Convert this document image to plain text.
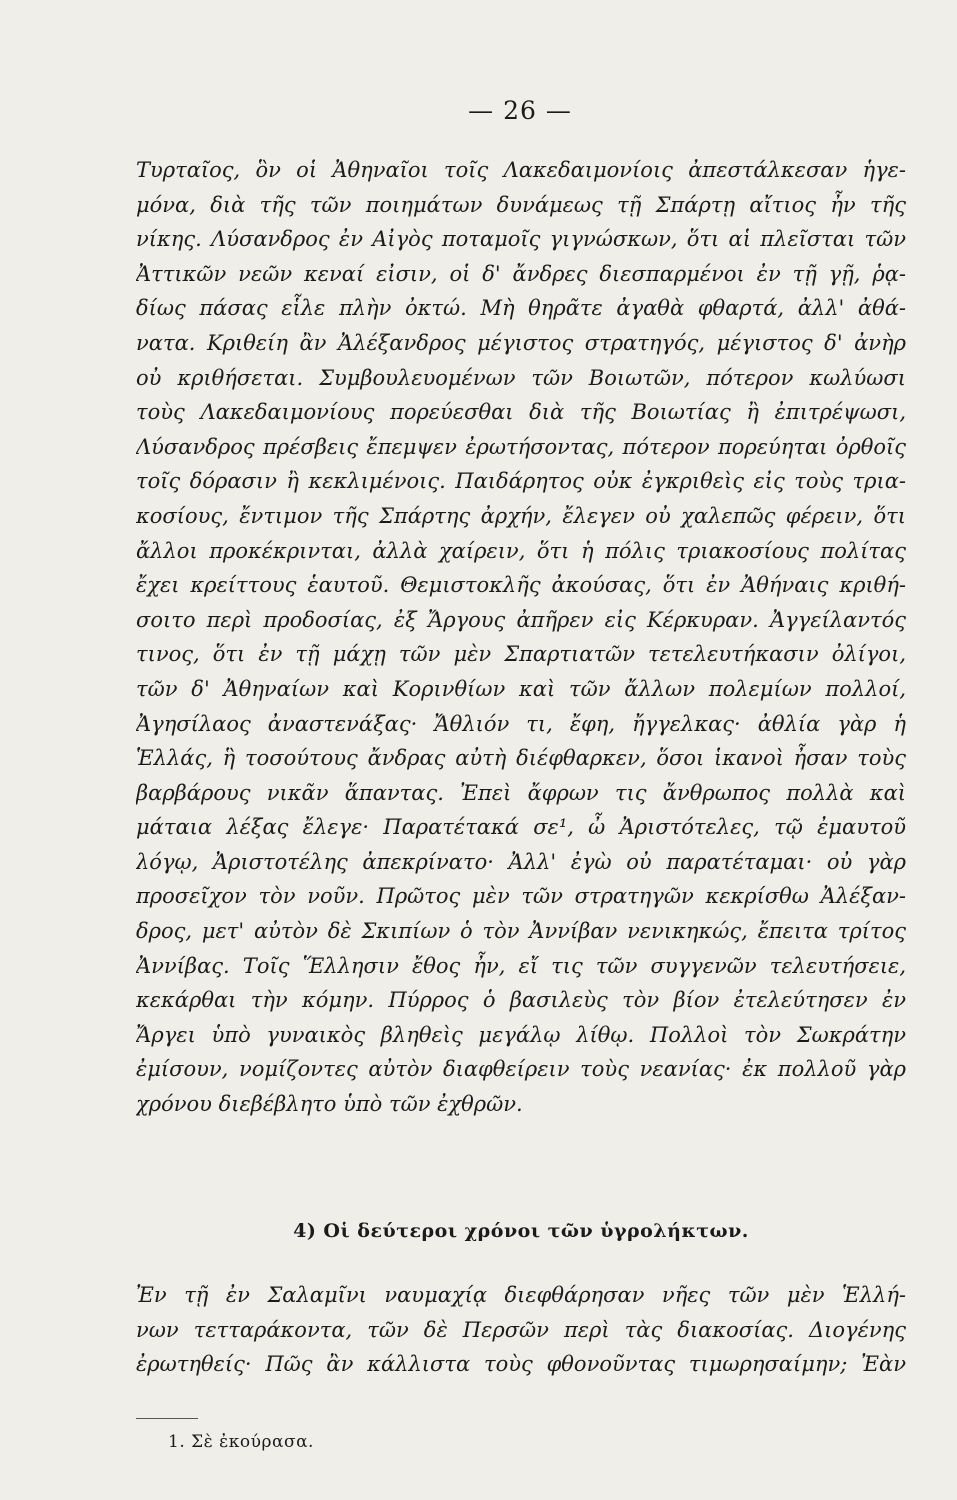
— 26 —
Τυρταῖος, ὃν οἱ Ἀθηναῖοι τοῖς Λακεδαιμονίοις ἀπεστάλκεσαν ἡγε-
μόνα, διὰ τῆς τῶν ποιημάτων δυνάμεως τῇ Σπάρτῃ αἴτιος ἦν τῆς
νίκης. Λύσανδρος ἐν Αἰγὸς ποταμοῖς γιγνώσκων, ὅτι αἱ πλεῖσται τῶν
Ἀττικῶν νεῶν κεναί εἰσιν, οἱ δ' ἄνδρες διεσπαρμένοι ἐν τῇ γῇ, ῥᾳ-
δίως πάσας εἷλε πλὴν ὀκτώ. Μὴ θηρᾶτε ἀγαθὰ φθαρτά, ἀλλ' ἀθά-
νατα. Κριθείη ἂν Ἀλέξανδρος μέγιστος στρατηγός, μέγιστος δ' ἀνὴρ
οὐ κριθήσεται. Συμβουλευομένων τῶν Βοιωτῶν, πότερον κωλύωσι
τοὺς Λακεδαιμονίους πορεύεσθαι διὰ τῆς Βοιωτίας ἢ ἐπιτρέψωσι,
Λύσανδρος πρέσβεις ἔπεμψεν ἐρωτήσοντας, πότερον πορεύηται ὀρθοῖς
τοῖς δόρασιν ἢ κεκλιμένοις. Παιδάρητος οὐκ ἐγκριθεὶς εἰς τοὺς τρια-
κοσίους, ἔντιμον τῆς Σπάρτης ἀρχήν, ἔλεγεν οὐ χαλεπῶς φέρειν, ὅτι
ἄλλοι προκέκρινται, ἀλλὰ χαίρειν, ὅτι ἡ πόλις τριακοσίους πολίτας
ἔχει κρείττους ἑαυτοῦ. Θεμιστοκλῆς ἀκούσας, ὅτι ἐν Ἀθήναις κριθή-
σοιτο περὶ προδοσίας, ἐξ Ἄργους ἀπῆρεν εἰς Κέρκυραν. Ἀγγείλαντός
τινος, ὅτι ἐν τῇ μάχῃ τῶν μὲν Σπαρτιατῶν τετελευτήκασιν ὀλίγοι,
τῶν δ' Ἀθηναίων καὶ Κορινθίων καὶ τῶν ἄλλων πολεμίων πολλοί,
Ἀγησίλαος ἀναστενάξας· Ἄθλιόν τι, ἔφη, ἤγγελκας· ἀθλία γὰρ ἡ
Ἑλλάς, ἣ τοσούτους ἄνδρας αὐτὴ διέφθαρκεν, ὅσοι ἱκανοὶ ἦσαν τοὺς
βαρβάρους νικᾶν ἅπαντας. Ἐπεὶ ἄφρων τις ἄνθρωπος πολλὰ καὶ
μάταια λέξας ἔλεγε· Παρατέτακά σε¹, ὦ Ἀριστότελες, τῷ ἐμαυτοῦ
λόγῳ, Ἀριστοτέλης ἀπεκρίνατο· Ἀλλ' ἐγὼ οὐ παρατέταμαι· οὐ γὰρ
προσεῖχον τὸν νοῦν. Πρῶτος μὲν τῶν στρατηγῶν κεκρίσθω Ἀλέξαν-
δρος, μετ' αὐτὸν δὲ Σκιπίων ὁ τὸν Ἀννίβαν νενικηκώς, ἔπειτα τρίτος
Ἀννίβας. Τοῖς Ἕλλησιν ἔθος ἦν, εἴ τις τῶν συγγενῶν τελευτήσειε,
κεκάρθαι τὴν κόμην. Πύρρος ὁ βασιλεὺς τὸν βίον ἐτελεύτησεν ἐν
Ἄργει ὑπὸ γυναικὸς βληθεὶς μεγάλῳ λίθῳ. Πολλοὶ τὸν Σωκράτην
ἐμίσουν, νομίζοντες αὐτὸν διαφθείρειν τοὺς νεανίας· ἐκ πολλοῦ γὰρ
χρόνου διεβέβλητο ὑπὸ τῶν ἐχθρῶν.
4) Οἱ δεύτεροι χρόνοι τῶν ὑγρολήκτων.
Ἐν τῇ ἐν Σαλαμῖνι ναυμαχίᾳ διεφθάρησαν νῆες τῶν μὲν Ἑλλή-
νων τετταράκοντα, τῶν δὲ Περσῶν περὶ τὰς διακοσίας. Διογένης
ἐρωτηθείς· Πῶς ἂν κάλλιστα τοὺς φθονοῦντας τιμωρησαίμην; Ἐὰν
1. Σὲ ἐκούρασα.
